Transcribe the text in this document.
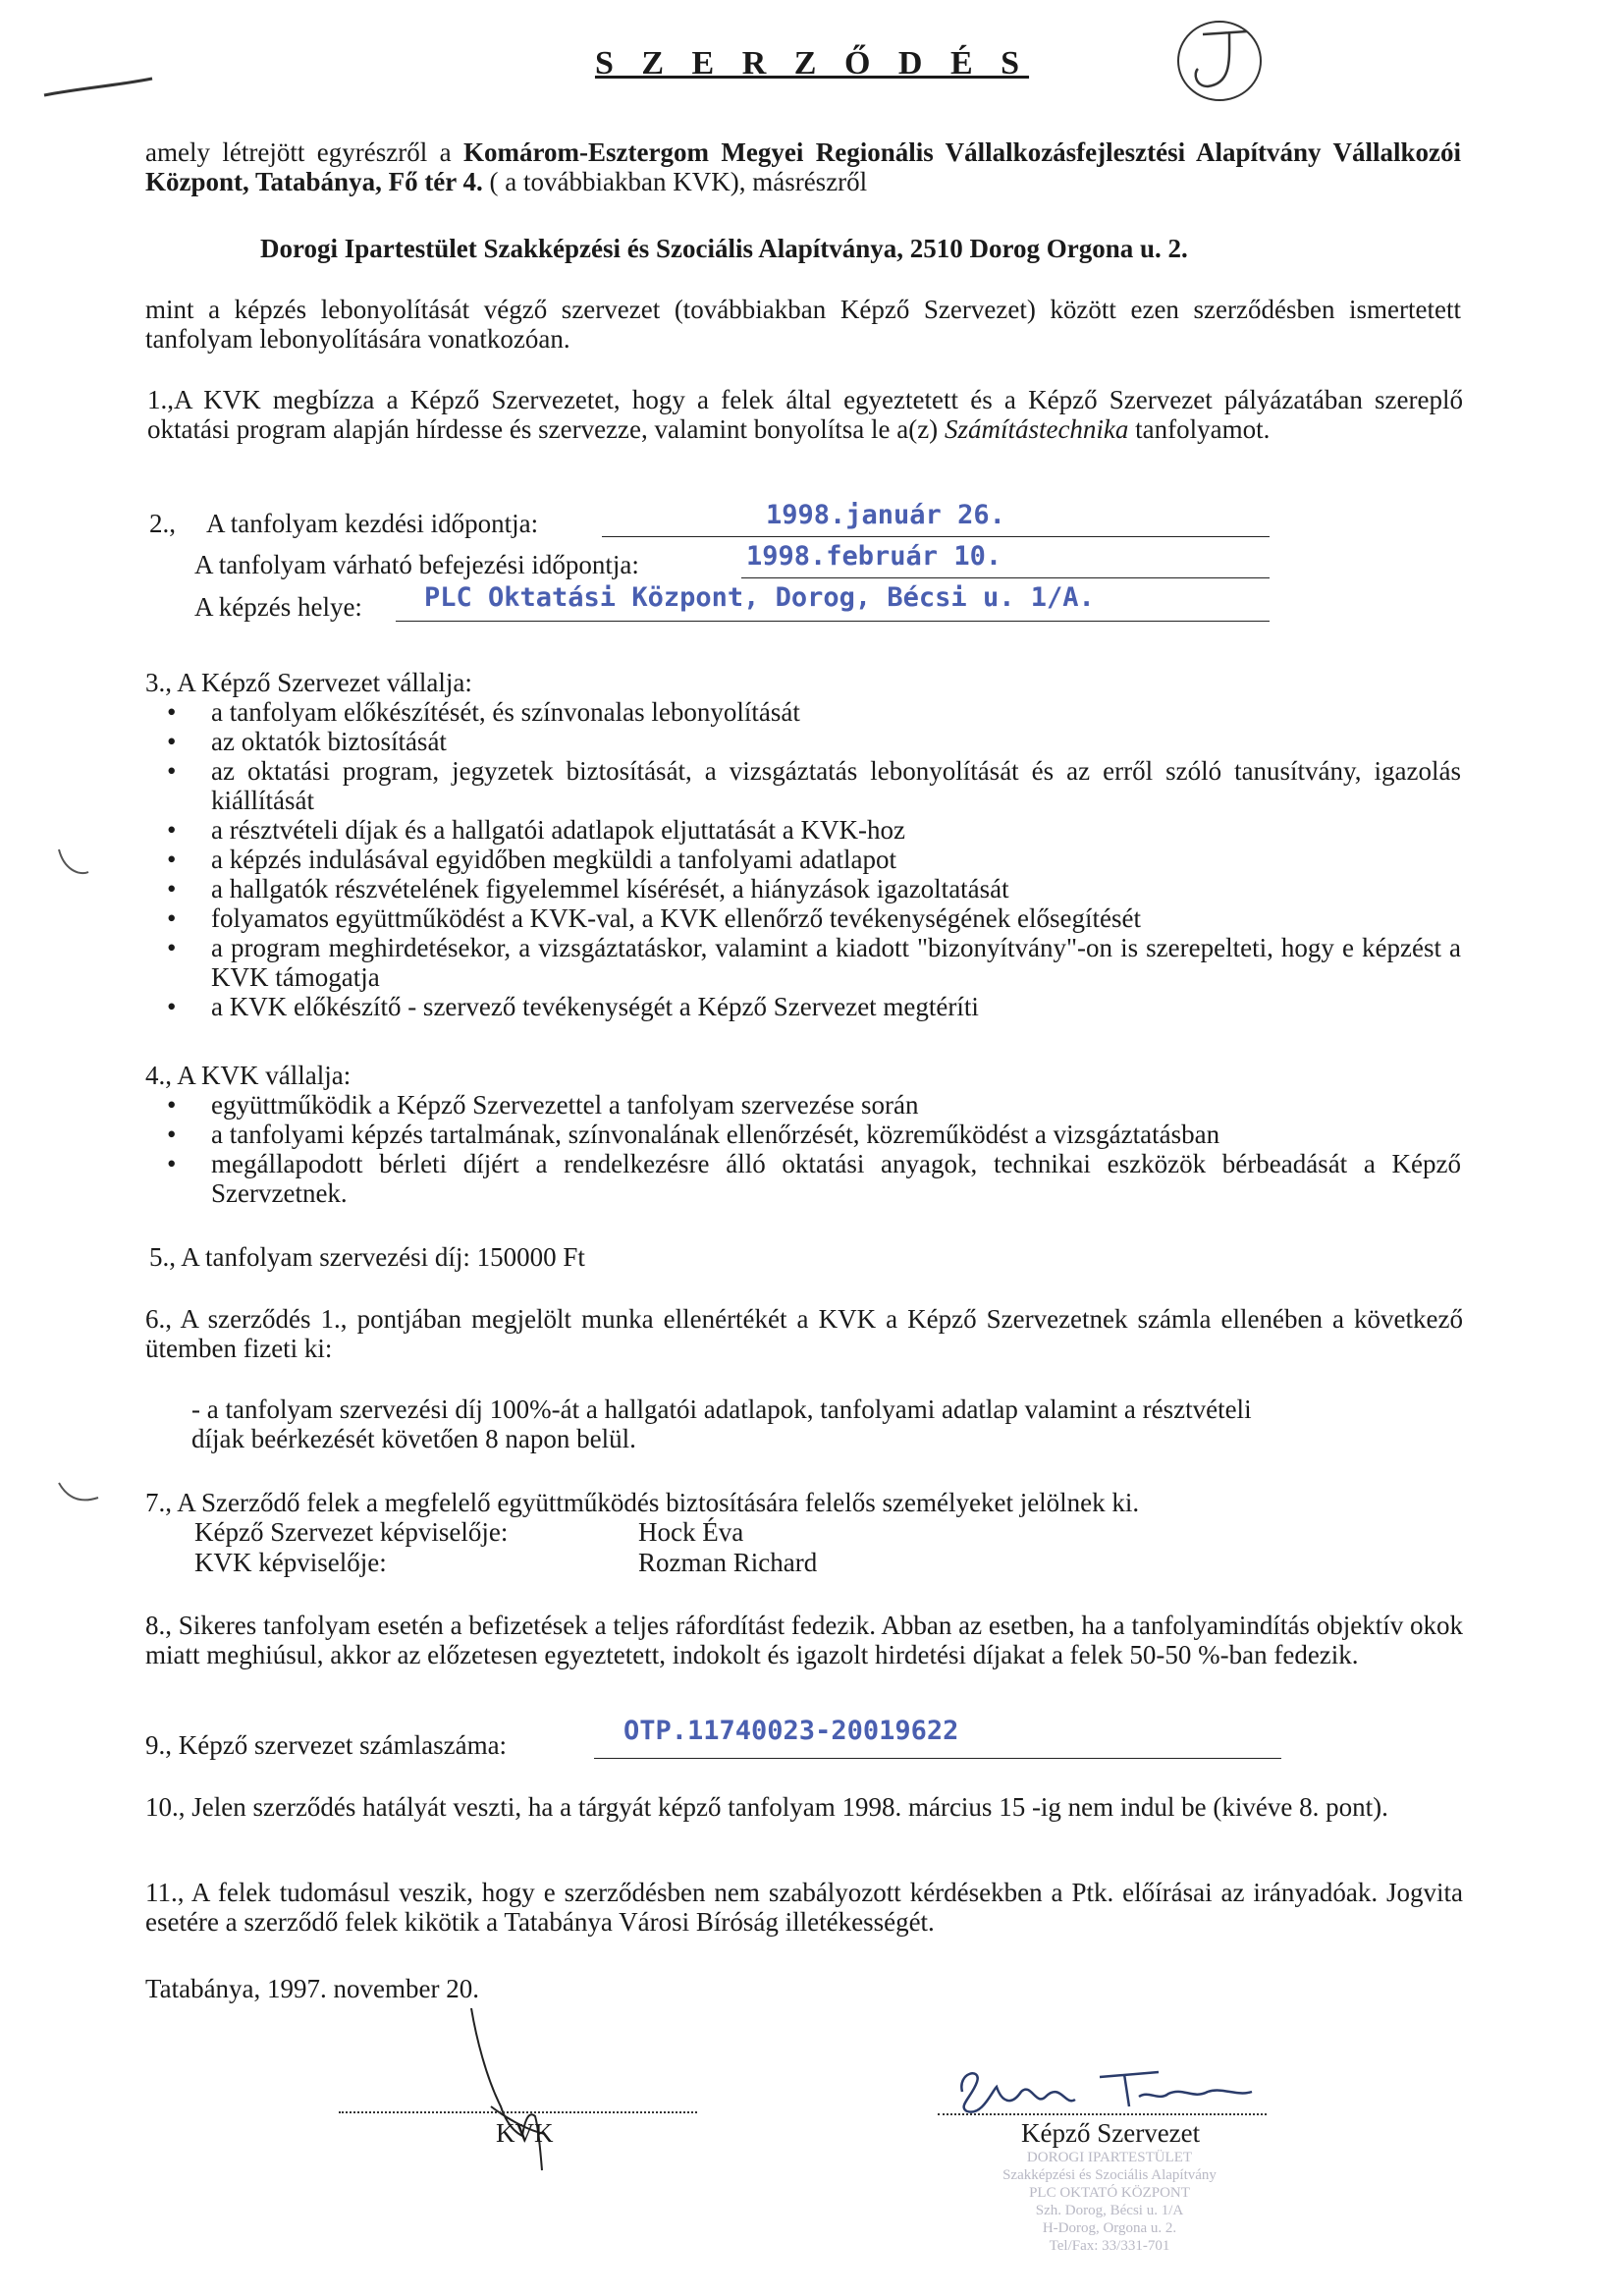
S Z E R Z Ő D É S
amely létrejött egyrészről a Komárom-Esztergom Megyei Regionális Vállalkozásfejlesztési Alapítvány Vállalkozói Központ, Tatabánya, Fő tér 4. ( a továbbiakban KVK), másrészről
Dorogi Ipartestület Szakképzési és Szociális Alapítványa, 2510 Dorog Orgona u. 2.
mint a képzés lebonyolítását végző szervezet (továbbiakban Képző Szervezet) között ezen szerződésben ismertetett tanfolyam lebonyolítására vonatkozóan.
1.,A KVK megbízza a Képző Szervezetet, hogy a felek által egyeztetett és a Képző Szervezet pályázatában szereplő oktatási program alapján hírdesse és szervezze, valamint bonyolítsa le a(z) Számítástechnika tanfolyamot.
2., A tanfolyam kezdési időpontja:	1998.január 26.
A tanfolyam várható befejezési időpontja:	1998.február 10.
A képzés helye: PLC Oktatási Központ, Dorog, Bécsi u. 1/A.
3., A Képző Szervezet vállalja:
• a tanfolyam előkészítését, és színvonalas lebonyolítását
• az oktatók biztosítását
• az oktatási program, jegyzetek biztosítását, a vizsgáztatás lebonyolítását és az erről szóló tanusítvány, igazolás kiállítását
• a résztvételi díjak és a hallgatói adatlapok eljuttatását a KVK-hoz
• a képzés indulásával egyidőben megküldi a tanfolyami adatlapot
• a hallgatók részvételének figyelemmel kísérését, a hiányzások igazoltatását
• folyamatos együttműködést a KVK-val, a KVK ellenőrző tevékenységének elősegítését
• a program meghirdetésekor, a vizsgáztatáskor, valamint a kiadott "bizonyítvány"-on is szerepelteti, hogy e képzést a KVK támogatja
• a KVK előkészítő - szervező tevékenységét a Képző Szervezet megtéríti
4., A KVK vállalja:
• együttműködik a Képző Szervezettel a tanfolyam szervezése során
• a tanfolyami képzés tartalmának, színvonalának ellenőrzését, közreműködést a vizsgáztatásban
• megállapodott bérleti díjért a rendelkezésre álló oktatási anyagok, technikai eszközök bérbeadását a Képző Szervzetnek.
5., A tanfolyam szervezési díj: 150000 Ft
6., A szerződés 1., pontjában megjelölt munka ellenértékét a KVK a Képző Szervezetnek számla ellenében a következő ütemben fizeti ki:
- a tanfolyam szervezési díj 100%-át a hallgatói adatlapok, tanfolyami adatlap valamint a résztvételi díjak beérkezését követően 8 napon belül.
7., A Szerződő felek a megfelelő együttműködés biztosítására felelős személyeket jelölnek ki.
Képző Szervezet képviselője:	Hock Éva
KVK képviselője:	Rozman Richard
8., Sikeres tanfolyam esetén a befizetések a teljes ráfordítást fedezik. Abban az esetben, ha a tanfolyamindítás objektív okok miatt meghiúsul, akkor az előzetesen egyeztetett, indokolt és igazolt hirdetési díjakat a felek 50-50 %-ban fedezik.
9., Képző szervezet számlaszáma:	OTP.11740023-20019622
10., Jelen szerződés hatályát veszti, ha a tárgyát képző tanfolyam 1998. március 15 -ig nem indul be (kivéve 8. pont).
11., A felek tudomásul veszik, hogy e szerződésben nem szabályozott kérdésekben a Ptk. előírásai az irányadóak. Jogvita esetére a szerződő felek kikötik a Tatabánya Városi Bíróság illetékességét.
Tatabánya, 1997. november 20.
KVK	Képző Szervezet
DOROGI IPARTESTÜLET
Szakképzési és Szociális Alapítvány
PLC OKTATÓ KÖZPONT
Szh. Dorog, Bécsi u. 1/A
H-Dorog, Orgona u. 2.
Tel/Fax: 33/331-701
